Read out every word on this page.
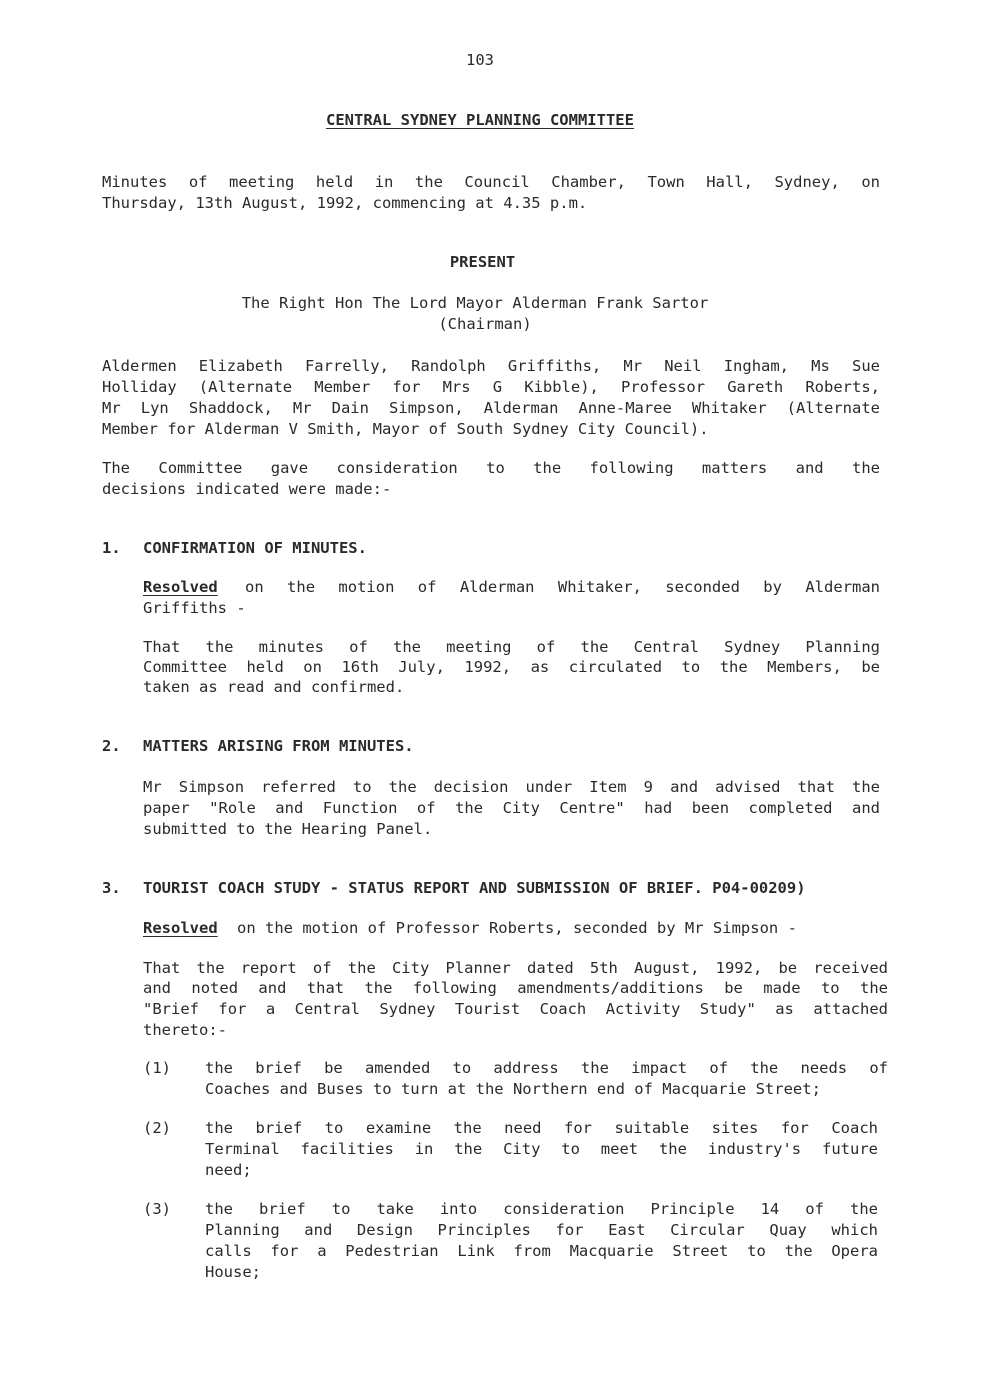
103
CENTRAL SYDNEY PLANNING COMMITTEE
Minutes of meeting held in the Council Chamber, Town Hall, Sydney, on
Thursday, 13th August, 1992, commencing at 4.35 p.m.
PRESENT
The Right Hon The Lord Mayor Alderman Frank Sartor
(Chairman)
Aldermen Elizabeth Farrelly, Randolph Griffiths, Mr Neil Ingham, Ms Sue
Holliday (Alternate Member for Mrs G Kibble), Professor Gareth Roberts,
Mr Lyn Shaddock, Mr Dain Simpson, Alderman Anne-Maree Whitaker (Alternate
Member for Alderman V Smith, Mayor of South Sydney City Council).
The Committee gave consideration to the following matters and the
decisions indicated were made:-
1. CONFIRMATION OF MINUTES.
Resolved on the motion of Alderman Whitaker, seconded by Alderman
Griffiths -
That the minutes of the meeting of the Central Sydney Planning
Committee held on 16th July, 1992, as circulated to the Members, be
taken as read and confirmed.
2. MATTERS ARISING FROM MINUTES.
Mr Simpson referred to the decision under Item 9 and advised that the
paper "Role and Function of the City Centre" had been completed and
submitted to the Hearing Panel.
3. TOURIST COACH STUDY - STATUS REPORT AND SUBMISSION OF BRIEF. P04-00209)
Resolved on the motion of Professor Roberts, seconded by Mr Simpson -
That the report of the City Planner dated 5th August, 1992, be received
and noted and that the following amendments/additions be made to the
"Brief for a Central Sydney Tourist Coach Activity Study" as attached
thereto:-
(1) the brief be amended to address the impact of the needs of
Coaches and Buses to turn at the Northern end of Macquarie Street;
(2) the brief to examine the need for suitable sites for Coach
Terminal facilities in the City to meet the industry's future
need;
(3) the brief to take into consideration Principle 14 of the
Planning and Design Principles for East Circular Quay which
calls for a Pedestrian Link from Macquarie Street to the Opera
House;
